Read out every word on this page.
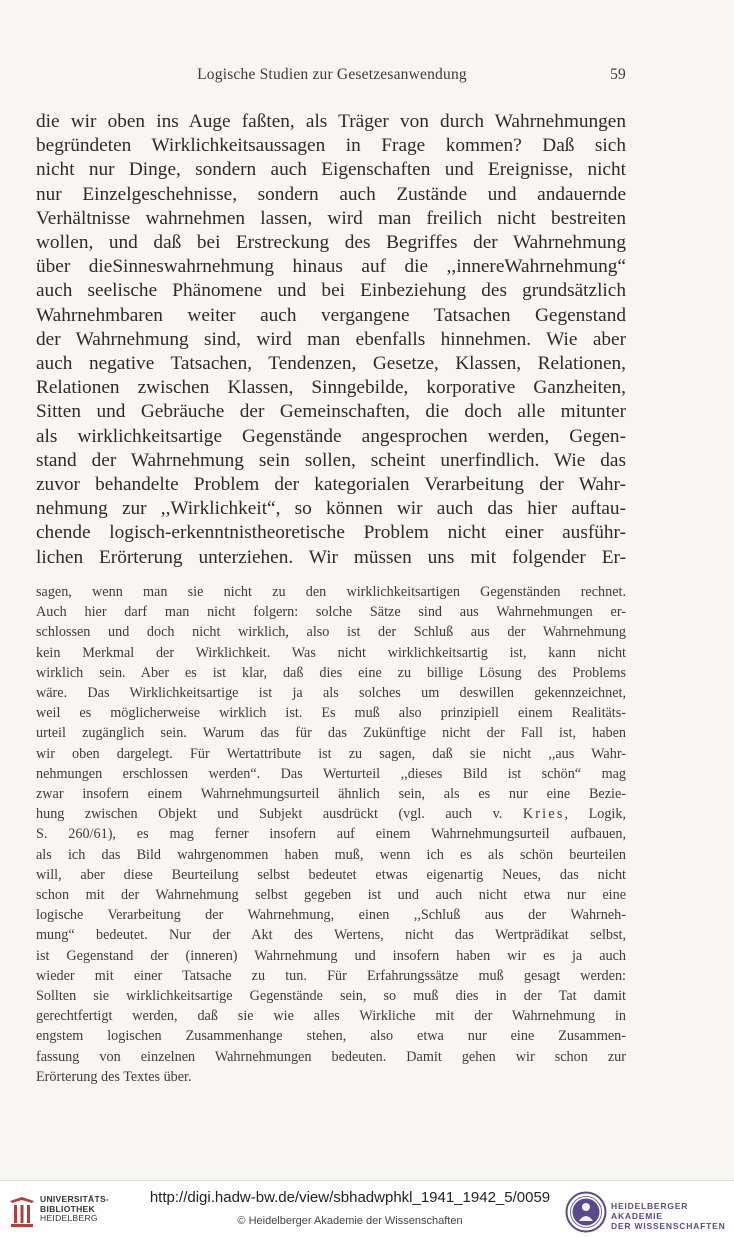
Logische Studien zur Gesetzesanwendung	59
die wir oben ins Auge faßten, als Träger von durch Wahrnehmungen
begründeten Wirklichkeitsaussagen in Frage kommen? Daß sich
nicht nur Dinge, sondern auch Eigenschaften und Ereignisse, nicht
nur Einzelgeschehnisse, sondern auch Zustände und andauernde
Verhältnisse wahrnehmen lassen, wird man freilich nicht bestreiten
wollen, und daß bei Erstreckung des Begriffes der Wahrnehmung
über dieSinneswahrnehmung hinaus auf die ,,innereWahrnehmung“
auch seelische Phänomene und bei Einbeziehung des grundsätzlich
Wahrnehmbaren weiter auch vergangene Tatsachen Gegenstand
der Wahrnehmung sind, wird man ebenfalls hinnehmen. Wie aber
auch negative Tatsachen, Tendenzen, Gesetze, Klassen, Relationen,
Relationen zwischen Klassen, Sinngebilde, korporative Ganzheiten,
Sitten und Gebräuche der Gemeinschaften, die doch alle mitunter
als wirklichkeitsartige Gegenstände angesprochen werden, Gegen-
stand der Wahrnehmung sein sollen, scheint unerfindlich. Wie das
zuvor behandelte Problem der kategorialen Verarbeitung der Wahr-
nehmung zur ,,Wirklichkeit“, so können wir auch das hier auftau-
chende logisch-erkenntnistheoretische Problem nicht einer ausführ-
lichen Erörterung unterziehen. Wir müssen uns mit folgender Er-
sagen, wenn man sie nicht zu den wirklichkeitsartigen Gegenständen rechnet.
Auch hier darf man nicht folgern: solche Sätze sind aus Wahrnehmungen er-
schlossen und doch nicht wirklich, also ist der Schluß aus der Wahrnehmung
kein Merkmal der Wirklichkeit. Was nicht wirklichkeitsartig ist, kann nicht
wirklich sein. Aber es ist klar, daß dies eine zu billige Lösung des Problems
wäre. Das Wirklichkeitsartige ist ja als solches um deswillen gekennzeichnet,
weil es möglicherweise wirklich ist. Es muß also prinzipiell einem Realitäts-
urteil zugänglich sein. Warum das für das Zukünftige nicht der Fall ist, haben
wir oben dargelegt. Für Wertattribute ist zu sagen, daß sie nicht ,,aus Wahr-
nehmungen erschlossen werden“. Das Werturteil ,,dieses Bild ist schön“ mag
zwar insofern einem Wahrnehmungsurteil ähnlich sein, als es nur eine Bezie-
hung zwischen Objekt und Subjekt ausdrückt (vgl. auch v. Kries, Logik,
S. 260/61), es mag ferner insofern auf einem Wahrnehmungsurteil aufbauen,
als ich das Bild wahrgenommen haben muß, wenn ich es als schön beurteilen
will, aber diese Beurteilung selbst bedeutet etwas eigenartig Neues, das nicht
schon mit der Wahrnehmung selbst gegeben ist und auch nicht etwa nur eine
logische Verarbeitung der Wahrnehmung, einen ,,Schluß aus der Wahrneh-
mung“ bedeutet. Nur der Akt des Wertens, nicht das Wertprädikat selbst,
ist Gegenstand der (inneren) Wahrnehmung und insofern haben wir es ja auch
wieder mit einer Tatsache zu tun. Für Erfahrungssätze muß gesagt werden:
Sollten sie wirklichkeitsartige Gegenstände sein, so muß dies in der Tat damit
gerechtfertigt werden, daß sie wie alles Wirkliche mit der Wahrnehmung in
engstem logischen Zusammenhange stehen, also etwa nur eine Zusammen-
fassung von einzelnen Wahrnehmungen bedeuten. Damit gehen wir schon zur
Erörterung des Textes über.
UNIVERSITÄTS-
BIBLIOTHEK
HEIDELBERG
http://digi.hadw-bw.de/view/sbhadwphkl_1941_1942_5/0059
© Heidelberger Akademie der Wissenschaften
HEIDELBERGER AKADEMIE
DER WISSENSCHAFTEN
